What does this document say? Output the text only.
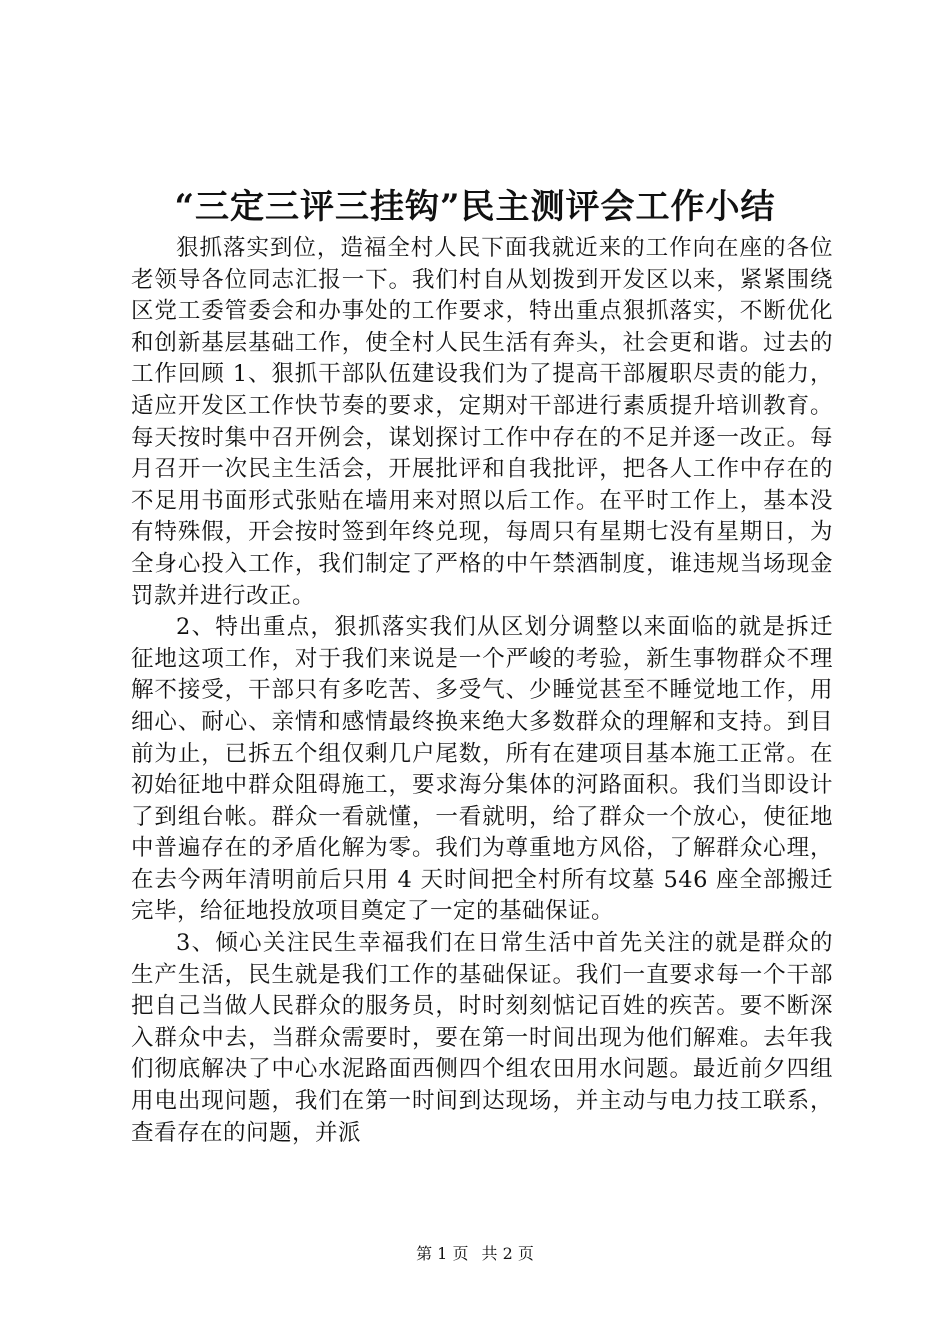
“三定三评三挂钩”民主测评会工作小结

狠抓落实到位，造福全村人民下面我就近来的工作向在座的各位老领导各位同志汇报一下。我们村自从划拨到开发区以来，紧紧围绕区党工委管委会和办事处的工作要求，特出重点狠抓落实，不断优化和创新基层基础工作，使全村人民生活有奔头，社会更和谐。过去的工作回顾 1、狠抓干部队伍建设我们为了提高干部履职尽责的能力，适应开发区工作快节奏的要求，定期对干部进行素质提升培训教育。每天按时集中召开例会，谋划探讨工作中存在的不足并逐一改正。每月召开一次民主生活会，开展批评和自我批评，把各人工作中存在的不足用书面形式张贴在墙用来对照以后工作。在平时工作上，基本没有特殊假，开会按时签到年终兑现，每周只有星期七没有星期日，为全身心投入工作，我们制定了严格的中午禁酒制度，谁违规当场现金罚款并进行改正。

2、特出重点，狠抓落实我们从区划分调整以来面临的就是拆迁征地这项工作，对于我们来说是一个严峻的考验，新生事物群众不理解不接受，干部只有多吃苦、多受气、少睡觉甚至不睡觉地工作，用细心、耐心、亲情和感情最终换来绝大多数群众的理解和支持。到目前为止，已拆五个组仅剩几户尾数，所有在建项目基本施工正常。在初始征地中群众阻碍施工，要求海分集体的河路面积。我们当即设计了到组台帐。群众一看就懂，一看就明，给了群众一个放心，使征地中普遍存在的矛盾化解为零。我们为尊重地方风俗，了解群众心理，在去今两年清明前后只用 4 天时间把全村所有坟墓 546 座全部搬迁完毕，给征地投放项目奠定了一定的基础保证。

3、倾心关注民生幸福我们在日常生活中首先关注的就是群众的生产生活，民生就是我们工作的基础保证。我们一直要求每一个干部把自己当做人民群众的服务员，时时刻刻惦记百姓的疾苦。要不断深入群众中去，当群众需要时，要在第一时间出现为他们解难。去年我们彻底解决了中心水泥路面西侧四个组农田用水问题。最近前夕四组用电出现问题，我们在第一时间到达现场，并主动与电力技工联系，查看存在的问题，并派

第 1 页 共 2 页
